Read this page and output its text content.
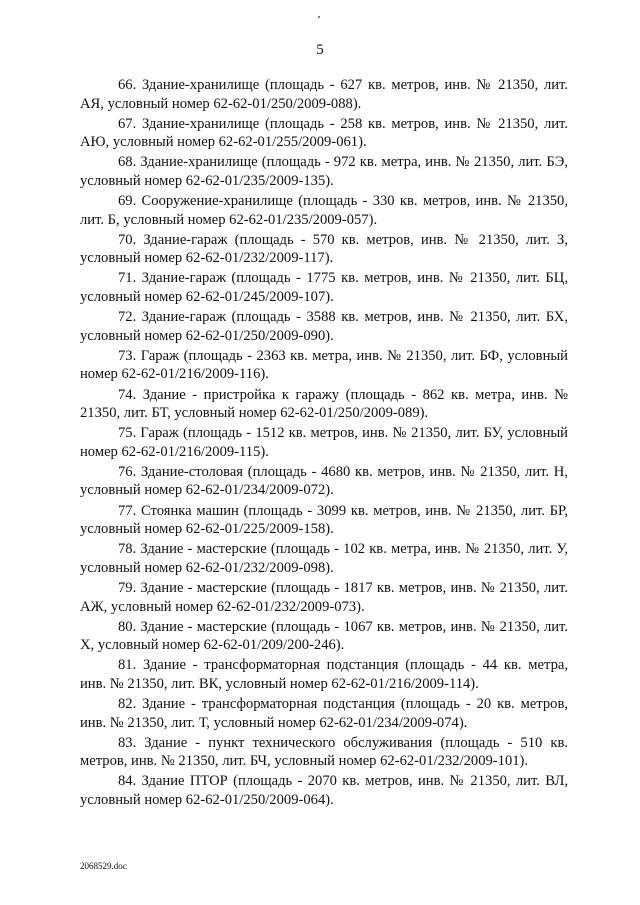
5

66. Здание-хранилище (площадь - 627 кв. метров, инв. № 21350, лит. АЯ, условный номер 62-62-01/250/2009-088).

67. Здание-хранилище (площадь - 258 кв. метров, инв. № 21350, лит. АЮ, условный номер 62-62-01/255/2009-061).

68. Здание-хранилище (площадь - 972 кв. метра, инв. № 21350, лит. БЭ, условный номер 62-62-01/235/2009-135).

69. Сооружение-хранилище (площадь - 330 кв. метров, инв. № 21350, лит. Б, условный номер 62-62-01/235/2009-057).

70. Здание-гараж (площадь - 570 кв. метров, инв. № 21350, лит. З, условный номер 62-62-01/232/2009-117).

71. Здание-гараж (площадь - 1775 кв. метров, инв. № 21350, лит. БЦ, условный номер 62-62-01/245/2009-107).

72. Здание-гараж (площадь - 3588 кв. метров, инв. № 21350, лит. БХ, условный номер 62-62-01/250/2009-090).

73. Гараж (площадь - 2363 кв. метра, инв. № 21350, лит. БФ, условный номер 62-62-01/216/2009-116).

74. Здание - пристройка к гаражу (площадь - 862 кв. метра, инв. № 21350, лит. БТ, условный номер 62-62-01/250/2009-089).

75. Гараж (площадь - 1512 кв. метров, инв. № 21350, лит. БУ, условный номер 62-62-01/216/2009-115).

76. Здание-столовая (площадь - 4680 кв. метров, инв. № 21350, лит. Н, условный номер 62-62-01/234/2009-072).

77. Стоянка машин (площадь - 3099 кв. метров, инв. № 21350, лит. БР, условный номер 62-62-01/225/2009-158).

78. Здание - мастерские (площадь - 102 кв. метра, инв. № 21350, лит. У, условный номер 62-62-01/232/2009-098).

79. Здание - мастерские (площадь - 1817 кв. метров, инв. № 21350, лит. АЖ, условный номер 62-62-01/232/2009-073).

80. Здание - мастерские (площадь - 1067 кв. метров, инв. № 21350, лит. Х, условный номер 62-62-01/209/200-246).

81. Здание - трансформаторная подстанция (площадь - 44 кв. метра, инв. № 21350, лит. ВК, условный номер 62-62-01/216/2009-114).

82. Здание - трансформаторная подстанция (площадь - 20 кв. метров, инв. № 21350, лит. Т, условный номер 62-62-01/234/2009-074).

83. Здание - пункт технического обслуживания (площадь - 510 кв. метров, инв. № 21350, лит. БЧ, условный номер 62-62-01/232/2009-101).

84. Здание ПТОР (площадь - 2070 кв. метров, инв. № 21350, лит. ВЛ, условный номер 62-62-01/250/2009-064).

2068529.doc
